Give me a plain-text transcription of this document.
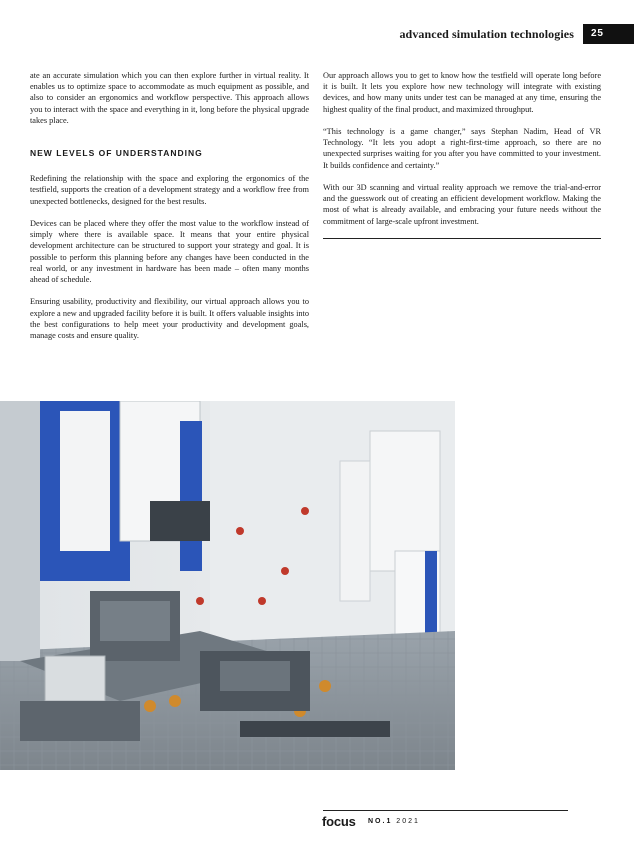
advanced simulation technologies	25

ate an accurate simulation which you can then explore further in virtual reality. It enables us to optimize space to accommodate as much equipment as possible, and also to consider an ergonomics and workflow perspective. This approach allows you to interact with the space and everything in it, long before the physical upgrade takes place.

NEW LEVELS OF UNDERSTANDING

Redefining the relationship with the space and exploring the ergonomics of the testfield, supports the creation of a development strategy and a workflow free from unexpected bottlenecks, designed for the best results.

Devices can be placed where they offer the most value to the workflow instead of simply where there is available space. It means that your entire physical development architecture can be structured to support your strategy and goal. It is possible to perform this planning before any changes have been conducted in the real world, or any investment in hardware has been made – often many months ahead of schedule.

Ensuring usability, productivity and flexibility, our virtual approach allows you to explore a new and upgraded facility before it is built. It offers valuable insights into the best configurations to help meet your productivity and development goals, manage costs and ensure quality.

Our approach allows you to get to know how the testfield will operate long before it is built. It lets you explore how new technology will integrate with existing devices, and how many units under test can be managed at any time, ensuring the highest quality of the final product, and maximized throughput.

“This technology is a game changer,” says Stephan Nadim, Head of VR Technology. “It lets you adopt a right-first-time approach, so there are no unexpected surprises waiting for you after you have committed to your investment. It builds confidence and certainty.”

With our 3D scanning and virtual reality approach we remove the trial-and-error and the guesswork out of creating an efficient development workflow. Making the most of what is already available, and embracing your future needs without the commitment of large-scale upfront investment.

focus NO.1 2021
